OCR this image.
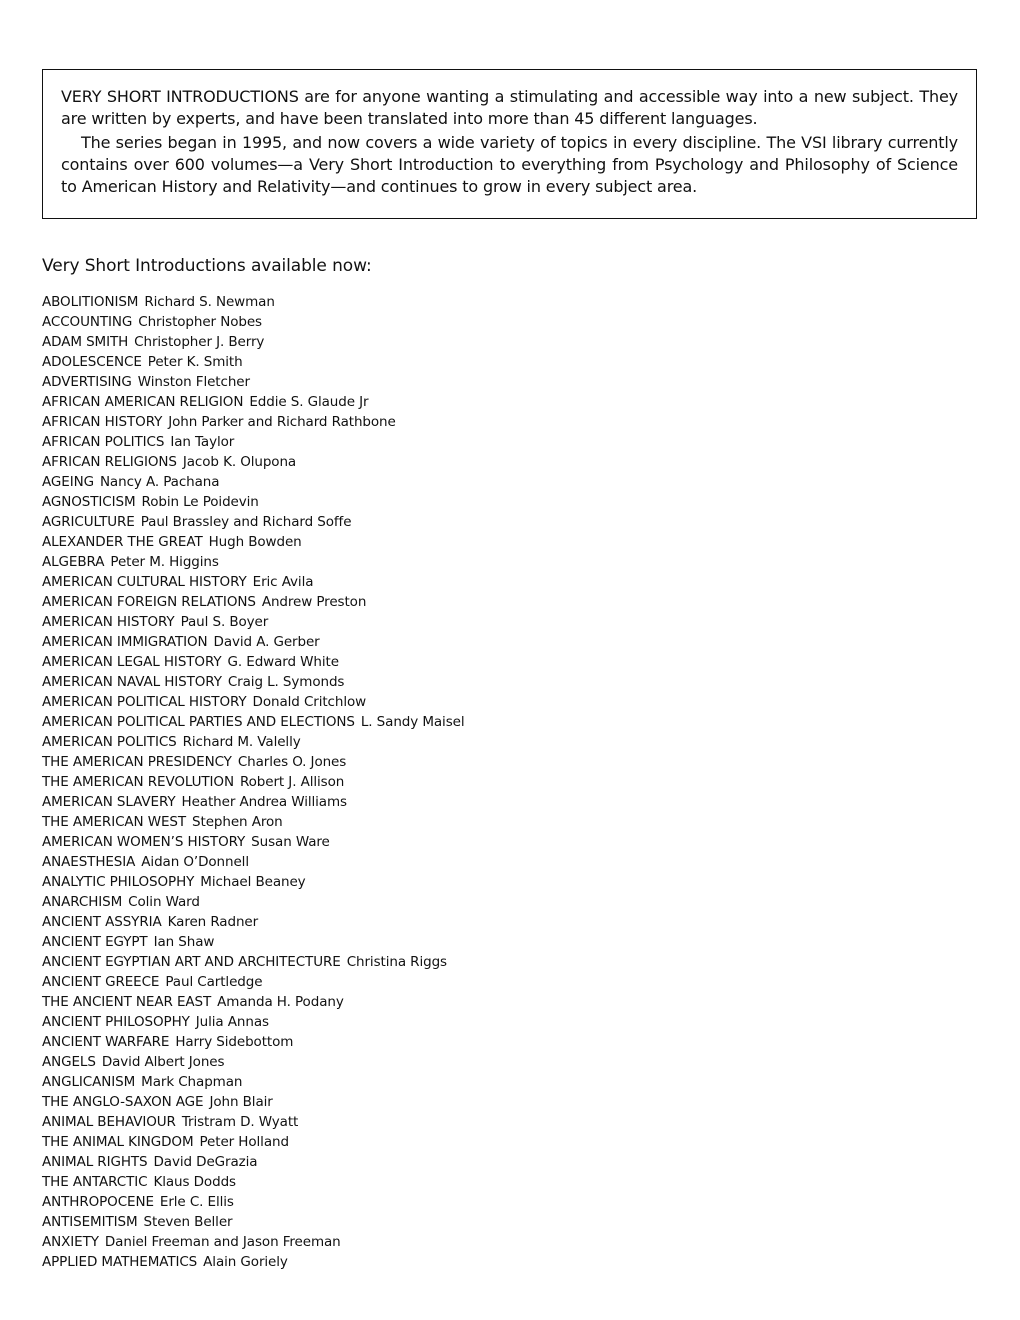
VERY SHORT INTRODUCTIONS are for anyone wanting a stimulating and accessible way into a new subject. They are written by experts, and have been translated into more than 45 different languages.

The series began in 1995, and now covers a wide variety of topics in every discipline. The VSI library currently contains over 600 volumes—a Very Short Introduction to everything from Psychology and Philosophy of Science to American History and Relativity—and continues to grow in every subject area.

Very Short Introductions available now:
ABOLITIONISM Richard S. Newman
ACCOUNTING Christopher Nobes
ADAM SMITH Christopher J. Berry
ADOLESCENCE Peter K. Smith
ADVERTISING Winston Fletcher
AFRICAN AMERICAN RELIGION Eddie S. Glaude Jr
AFRICAN HISTORY John Parker and Richard Rathbone
AFRICAN POLITICS Ian Taylor
AFRICAN RELIGIONS Jacob K. Olupona
AGEING Nancy A. Pachana
AGNOSTICISM Robin Le Poidevin
AGRICULTURE Paul Brassley and Richard Soffe
ALEXANDER THE GREAT Hugh Bowden
ALGEBRA Peter M. Higgins
AMERICAN CULTURAL HISTORY Eric Avila
AMERICAN FOREIGN RELATIONS Andrew Preston
AMERICAN HISTORY Paul S. Boyer
AMERICAN IMMIGRATION David A. Gerber
AMERICAN LEGAL HISTORY G. Edward White
AMERICAN NAVAL HISTORY Craig L. Symonds
AMERICAN POLITICAL HISTORY Donald Critchlow
AMERICAN POLITICAL PARTIES AND ELECTIONS L. Sandy Maisel
AMERICAN POLITICS Richard M. Valelly
THE AMERICAN PRESIDENCY Charles O. Jones
THE AMERICAN REVOLUTION Robert J. Allison
AMERICAN SLAVERY Heather Andrea Williams
THE AMERICAN WEST Stephen Aron
AMERICAN WOMEN’S HISTORY Susan Ware
ANAESTHESIA Aidan O’Donnell
ANALYTIC PHILOSOPHY Michael Beaney
ANARCHISM Colin Ward
ANCIENT ASSYRIA Karen Radner
ANCIENT EGYPT Ian Shaw
ANCIENT EGYPTIAN ART AND ARCHITECTURE Christina Riggs
ANCIENT GREECE Paul Cartledge
THE ANCIENT NEAR EAST Amanda H. Podany
ANCIENT PHILOSOPHY Julia Annas
ANCIENT WARFARE Harry Sidebottom
ANGELS David Albert Jones
ANGLICANISM Mark Chapman
THE ANGLO-SAXON AGE John Blair
ANIMAL BEHAVIOUR Tristram D. Wyatt
THE ANIMAL KINGDOM Peter Holland
ANIMAL RIGHTS David DeGrazia
THE ANTARCTIC Klaus Dodds
ANTHROPOCENE Erle C. Ellis
ANTISEMITISM Steven Beller
ANXIETY Daniel Freeman and Jason Freeman
APPLIED MATHEMATICS Alain Goriely
